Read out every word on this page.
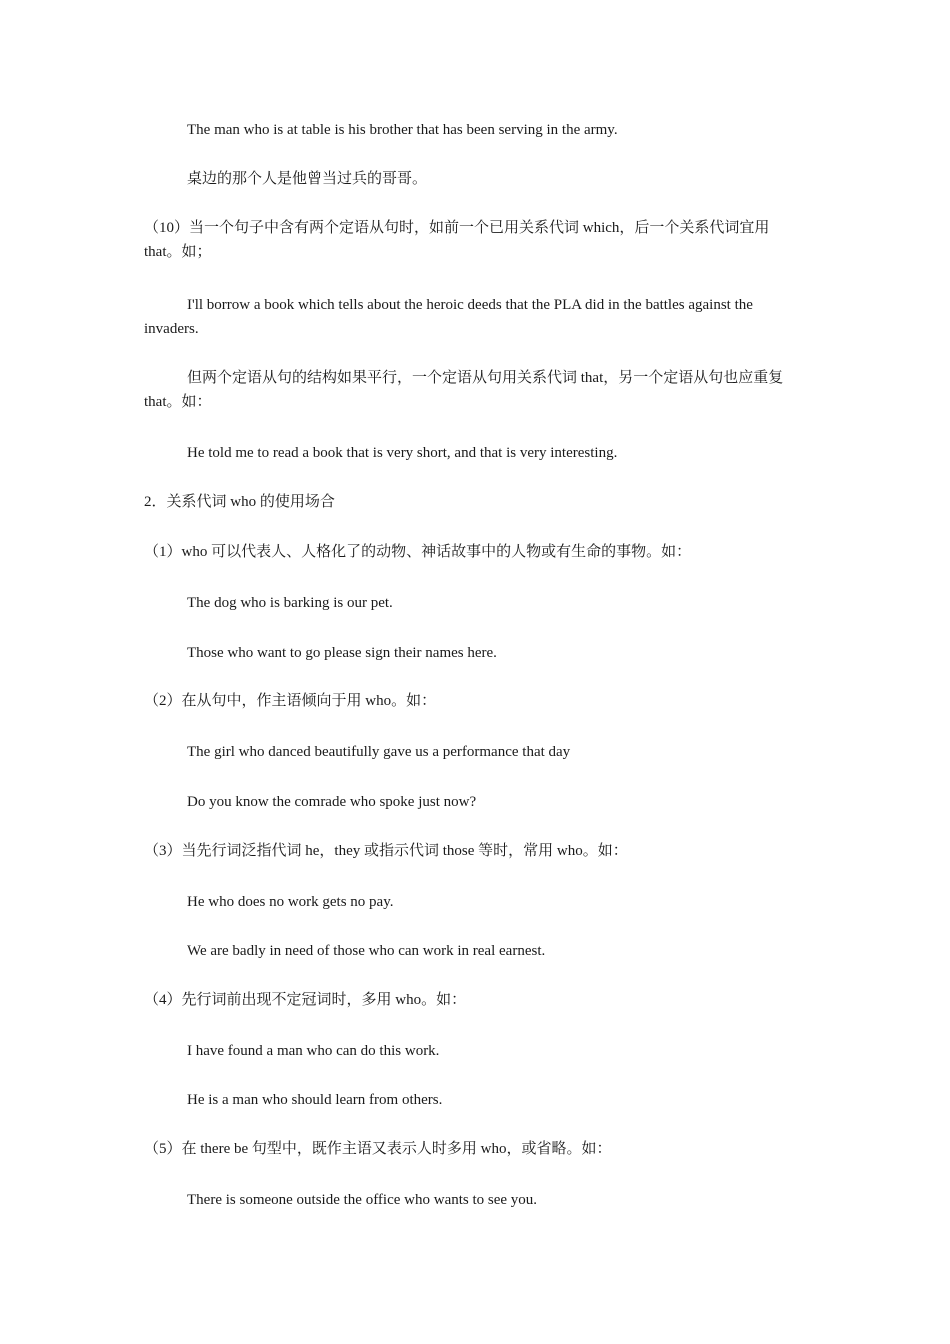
The man who is at table is his brother that has been serving in the army.
桌边的那个人是他曾当过兵的哥哥。
（10）当一个句子中含有两个定语从句时，如前一个已用关系代词 which，后一个关系代词宜用 that。如；
I'll borrow a book which tells about the heroic deeds that the PLA did in the battles against the invaders.
但两个定语从句的结构如果平行，一个定语从句用关系代词 that，另一个定语从句也应重复 that。如：
He told me to read a book that is very short, and that is very interesting.
2．关系代词 who 的使用场合
（1）who 可以代表人、人格化了的动物、神话故事中的人物或有生命的事物。如：
The dog who is barking is our pet.
Those who want to go please sign their names here.
（2）在从句中，作主语倾向于用 who。如：
The girl who danced beautifully gave us a performance that day
Do you know the comrade who spoke just now?
（3）当先行词泛指代词 he，they 或指示代词 those 等时，常用 who。如：
He who does no work gets no pay.
We are badly in need of those who can work in real earnest.
（4）先行词前出现不定冠词时，多用 who。如：
I have found a man who can do this work.
He is a man who should learn from others.
（5）在 there be 句型中，既作主语又表示人时多用 who，或省略。如：
There is someone outside the office who wants to see you.
